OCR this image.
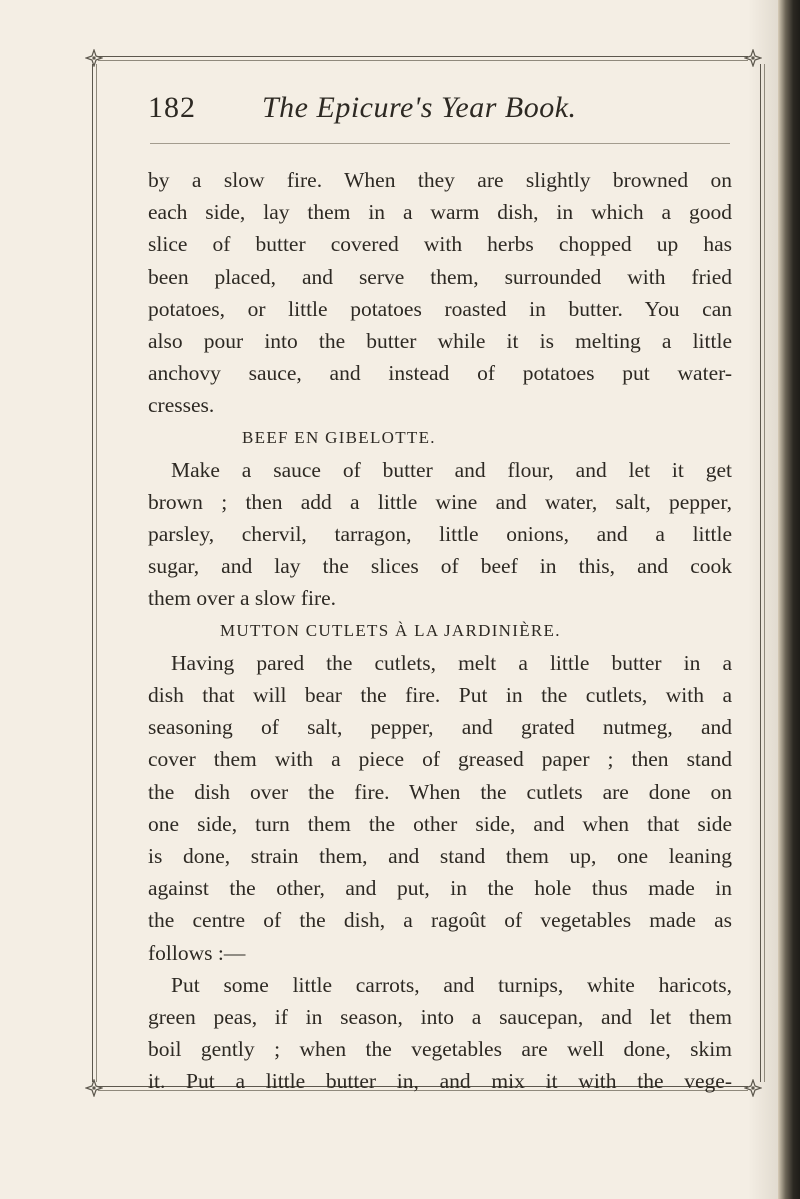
182 The Epicure's Year Book.
by a slow fire. When they are slightly browned on
each side, lay them in a warm dish, in which a good
slice of butter covered with herbs chopped up has
been placed, and serve them, surrounded with fried
potatoes, or little potatoes roasted in butter. You can
also pour into the butter while it is melting a little
anchovy sauce, and instead of potatoes put water-
cresses.
BEEF EN GIBELOTTE.
Make a sauce of butter and flour, and let it get
brown ; then add a little wine and water, salt, pepper,
parsley, chervil, tarragon, little onions, and a little
sugar, and lay the slices of beef in this, and cook
them over a slow fire.
MUTTON CUTLETS À LA JARDINIÈRE.
Having pared the cutlets, melt a little butter in a
dish that will bear the fire. Put in the cutlets, with a
seasoning of salt, pepper, and grated nutmeg, and
cover them with a piece of greased paper ; then stand
the dish over the fire. When the cutlets are done on
one side, turn them the other side, and when that side
is done, strain them, and stand them up, one leaning
against the other, and put, in the hole thus made in
the centre of the dish, a ragoût of vegetables made as
follows :—
Put some little carrots, and turnips, white haricots,
green peas, if in season, into a saucepan, and let them
boil gently ; when the vegetables are well done, skim
it. Put a little butter in, and mix it with the vege-
